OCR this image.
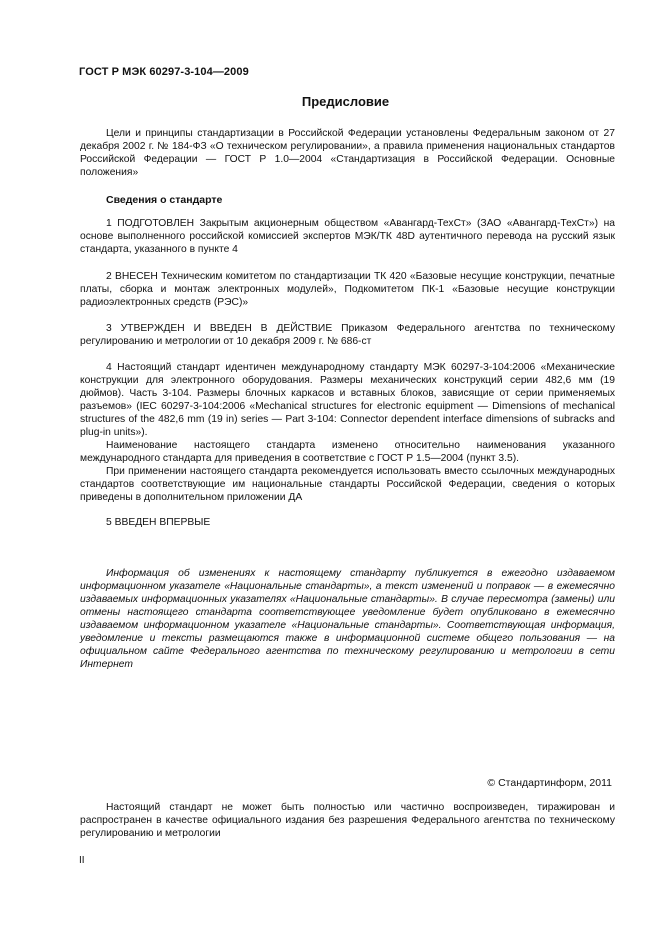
ГОСТ Р МЭК 60297-3-104—2009
Предисловие

Цели и принципы стандартизации в Российской Федерации установлены Федеральным законом от 27 декабря 2002 г. № 184-ФЗ «О техническом регулировании», а правила применения национальных стандартов Российской Федерации — ГОСТ Р 1.0—2004 «Стандартизация в Российской Федерации. Основные положения»

Сведения о стандарте

1 ПОДГОТОВЛЕН Закрытым акционерным обществом «Авангард-ТехСт» (ЗАО «Авангард-ТехСт») на основе выполненного российской комиссией экспертов МЭК/ТК 48D аутентичного перевода на русский язык стандарта, указанного в пункте 4

2 ВНЕСЕН Техническим комитетом по стандартизации ТК 420 «Базовые несущие конструкции, печатные платы, сборка и монтаж электронных модулей», Подкомитетом ПК-1 «Базовые несущие конструкции радиоэлектронных средств (РЭС)»

3 УТВЕРЖДЕН И ВВЕДЕН В ДЕЙСТВИЕ Приказом Федерального агентства по техническому регулированию и метрологии от 10 декабря 2009 г. № 686-ст

4 Настоящий стандарт идентичен международному стандарту МЭК 60297-3-104:2006 «Механические конструкции для электронного оборудования. Размеры механических конструкций серии 482,6 мм (19 дюймов). Часть 3-104. Размеры блочных каркасов и вставных блоков, зависящие от серии применяемых разъемов» (IEC 60297-3-104:2006 «Mechanical structures for electronic equipment — Dimensions of mechanical structures of the 482,6 mm (19 in) series — Part 3-104: Connector dependent interface dimensions of subracks and plug-in units»).

Наименование настоящего стандарта изменено относительно наименования указанного международного стандарта для приведения в соответствие с ГОСТ Р 1.5—2004 (пункт 3.5).

При применении настоящего стандарта рекомендуется использовать вместо ссылочных международных стандартов соответствующие им национальные стандарты Российской Федерации, сведения о которых приведены в дополнительном приложении ДА

5 ВВЕДЕН ВПЕРВЫЕ

Информация об изменениях к настоящему стандарту публикуется в ежегодно издаваемом информационном указателе «Национальные стандарты», а текст изменений и поправок — в ежемесячно издаваемых информационных указателях «Национальные стандарты». В случае пересмотра (замены) или отмены настоящего стандарта соответствующее уведомление будет опубликовано в ежемесячно издаваемом информационном указателе «Национальные стандарты». Соответствующая информация, уведомление и тексты размещаются также в информационной системе общего пользования — на официальном сайте Федерального агентства по техническому регулированию и метрологии в сети Интернет
© Стандартинформ, 2011
Настоящий стандарт не может быть полностью или частично воспроизведен, тиражирован и распространен в качестве официального издания без разрешения Федерального агентства по техническому регулированию и метрологии
II
